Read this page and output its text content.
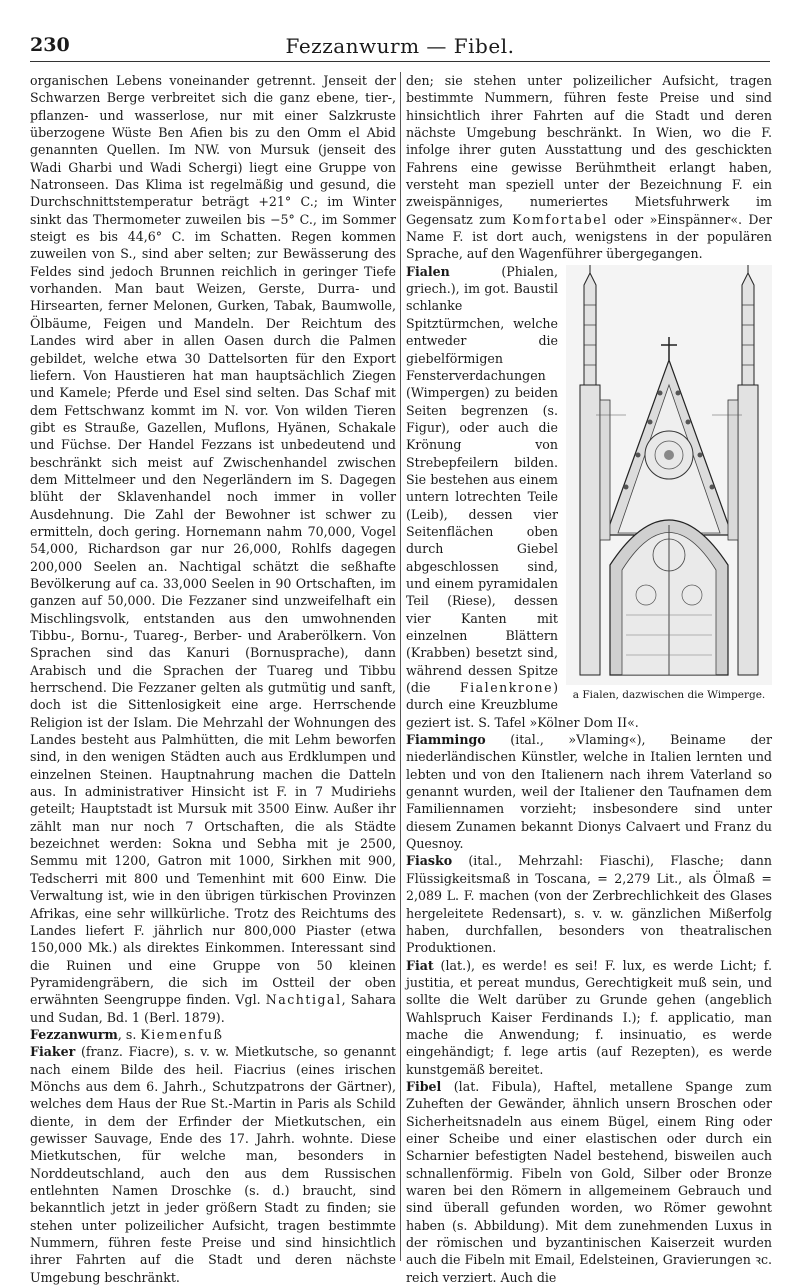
230	Fezzanwurm — Fibel.

organischen Lebens voneinander getrennt. Jenseit der Schwarzen Berge verbreitet sich die ganz ebene, tier-, pflanzen- und wasserlose, nur mit einer Salzkruste überzogene Wüste Ben Afien bis zu den Omm el Abid genannten Quellen. Im NW. von Mursuk (jenseit des Wadi Gharbi und Wadi Schergi) liegt eine Gruppe von Natronseen. Das Klima ist regelmäßig und gesund, die Durchschnittstemperatur beträgt +21° C.; im Winter sinkt das Thermometer zuweilen bis −5° C., im Sommer steigt es bis 44,6° C. im Schatten. Regen kommen zuweilen von S., sind aber selten; zur Bewässerung des Feldes sind jedoch Brunnen reichlich in geringer Tiefe vorhanden. Man baut Weizen, Gerste, Durra- und Hirsearten, ferner Melonen, Gurken, Tabak, Baumwolle, Ölbäume, Feigen und Mandeln. Der Reichtum des Landes wird aber in allen Oasen durch die Palmen gebildet, welche etwa 30 Dattelsorten für den Export liefern. Von Haustieren hat man hauptsächlich Ziegen und Kamele; Pferde und Esel sind selten. Das Schaf mit dem Fettschwanz kommt im N. vor. Von wilden Tieren gibt es Strauße, Gazellen, Muflons, Hyänen, Schakale und Füchse. Der Handel Fezzans ist unbedeutend und beschränkt sich meist auf Zwischenhandel zwischen dem Mittelmeer und den Negerländern im S. Dagegen blüht der Sklavenhandel noch immer in voller Ausdehnung. Die Zahl der Bewohner ist schwer zu ermitteln, doch gering. Hornemann nahm 70,000, Vogel 54,000, Richardson gar nur 26,000, Rohlfs dagegen 200,000 Seelen an. Nachtigal schätzt die seßhafte Bevölkerung auf ca. 33,000 Seelen in 90 Ortschaften, im ganzen auf 50,000. Die Fezzaner sind unzweifelhaft ein Mischlingsvolk, entstanden aus den umwohnenden Tibbu-, Bornu-, Tuareg-, Berber- und Araberölkern. Von Sprachen sind das Kanuri (Bornusprache), dann Arabisch und die Sprachen der Tuareg und Tibbu herrschend. Die Fezzaner gelten als gutmütig und sanft, doch ist die Sittenlosigkeit eine arge. Herrschende Religion ist der Islam. Die Mehrzahl der Wohnungen des Landes besteht aus Palmhütten, die mit Lehm beworfen sind, in den wenigen Städten auch aus Erdklumpen und einzelnen Steinen. Hauptnahrung machen die Datteln aus. In administrativer Hinsicht ist F. in 7 Mudiriehs geteilt; Hauptstadt ist Mursuk mit 3500 Einw. Außer ihr zählt man nur noch 7 Ortschaften, die als Städte bezeichnet werden: Sokna und Sebha mit je 2500, Semmu mit 1200, Gatron mit 1000, Sirkhen mit 900, Tedscherri mit 800 und Temenhint mit 600 Einw. Die Verwaltung ist, wie in den übrigen türkischen Provinzen Afrikas, eine sehr willkürliche. Trotz des Reichtums des Landes liefert F. jährlich nur 800,000 Piaster (etwa 150,000 Mk.) als direktes Einkommen. Interessant sind die Ruinen und eine Gruppe von 50 kleinen Pyramidengräbern, die sich im Ostteil der oben erwähnten Seengruppe finden. Vgl. Nachtigal, Sahara und Sudan, Bd. 1 (Berl. 1879).

Fezzanwurm, s. Kiemenfuß

Fiaker (franz. Fiacre), s. v. w. Mietkutsche, so genannt nach einem Bilde des heil. Fiacrius (eines irischen Mönchs aus dem 6. Jahrh., Schutzpatrons der Gärtner), welches dem Haus der Rue St.-Martin in Paris als Schild diente, in dem der Erfinder der Mietkutschen, ein gewisser Sauvage, Ende des 17. Jahrh. wohnte. Diese Mietkutschen, für welche man, besonders in Norddeutschland, auch den aus dem Russischen entlehnten Namen Droschke (s. d.) braucht, sind bekanntlich jetzt in jeder größern Stadt zu finden; sie stehen unter polizeilicher Aufsicht, tragen bestimmte Nummern, führen feste Preise und sind hinsichtlich ihrer Fahrten auf die Stadt und deren nächste Umgebung beschränkt.

den; sie stehen unter polizeilicher Aufsicht, tragen bestimmte Nummern, führen feste Preise und sind hinsichtlich ihrer Fahrten auf die Stadt und deren nächste Umgebung beschränkt. In Wien, wo die F. infolge ihrer guten Ausstattung und des geschickten Fahrens eine gewisse Berühmtheit erlangt haben, versteht man speziell unter der Bezeichnung F. ein zweispänniges, numeriertes Mietsfuhrwerk im Gegensatz zum Komfortabel oder »Einspänner«. Der Name F. ist dort auch, wenigstens in der populären Sprache, auf den Wagenführer übergegangen.

Fialen
a Fialen, dazwischen die Wimperge.
(Phialen, griech.), im got. Baustil schlanke Spitztürmchen, welche entweder die giebelförmigen Fensterverdachungen (Wimpergen) zu beiden Seiten begrenzen (s. Figur), oder auch die Krönung von Strebepfeilern bilden. Sie bestehen aus einem untern lotrechten Teile (Leib), dessen vier Seitenflächen oben durch Giebel abgeschlossen sind, und einem pyramidalen Teil (Riese), dessen vier Kanten mit einzelnen Blättern (Krabben) besetzt sind, während dessen Spitze (die Fialenkrone) durch eine Kreuzblume geziert ist. S. Tafel »Kölner Dom II«.

Fiammingo (ital., »Vlaming«), Beiname der niederländischen Künstler, welche in Italien lernten und lebten und von den Italienern nach ihrem Vaterland so genannt wurden, weil der Italiener den Taufnamen dem Familiennamen vorzieht; insbesondere sind unter diesem Zunamen bekannt Dionys Calvaert und Franz du Quesnoy.

Fiasko (ital., Mehrzahl: Fiaschi), Flasche; dann Flüssigkeitsmaß in Toscana, = 2,279 Lit., als Ölmaß = 2,089 L. F. machen (von der Zerbrechlichkeit des Glases hergeleitete Redensart), s. v. w. gänzlichen Mißerfolg haben, durchfallen, besonders von theatralischen Produktionen.

Fiat (lat.), es werde! es sei! F. lux, es werde Licht; f. justitia, et pereat mundus, Gerechtigkeit muß sein, und sollte die Welt darüber zu Grunde gehen (angeblich Wahlspruch Kaiser Ferdinands I.); f. applicatio, man mache die Anwendung; f. insinuatio, es werde eingehändigt; f. lege artis (auf Rezepten), es werde kunstgemäß bereitet.

Fibel (lat. Fibula), Haftel, metallene Spange zum Zuheften der Gewänder, ähnlich unsern Broschen oder Sicherheitsnadeln aus einem Bügel, einem Ring oder einer Scheibe und einer elastischen oder durch ein Scharnier befestigten Nadel bestehend, bisweilen auch schnallenförmig. Fibeln von Gold, Silber oder Bronze waren bei den Römern in allgemeinem Gebrauch und sind überall gefunden worden, wo Römer gewohnt haben (s. Abbildung). Mit dem zunehmenden Luxus in der römischen und byzantinischen Kaiserzeit wurden auch die Fibeln mit Email, Edelsteinen, Gravierungen ꝛc. reich verziert. Auch die
